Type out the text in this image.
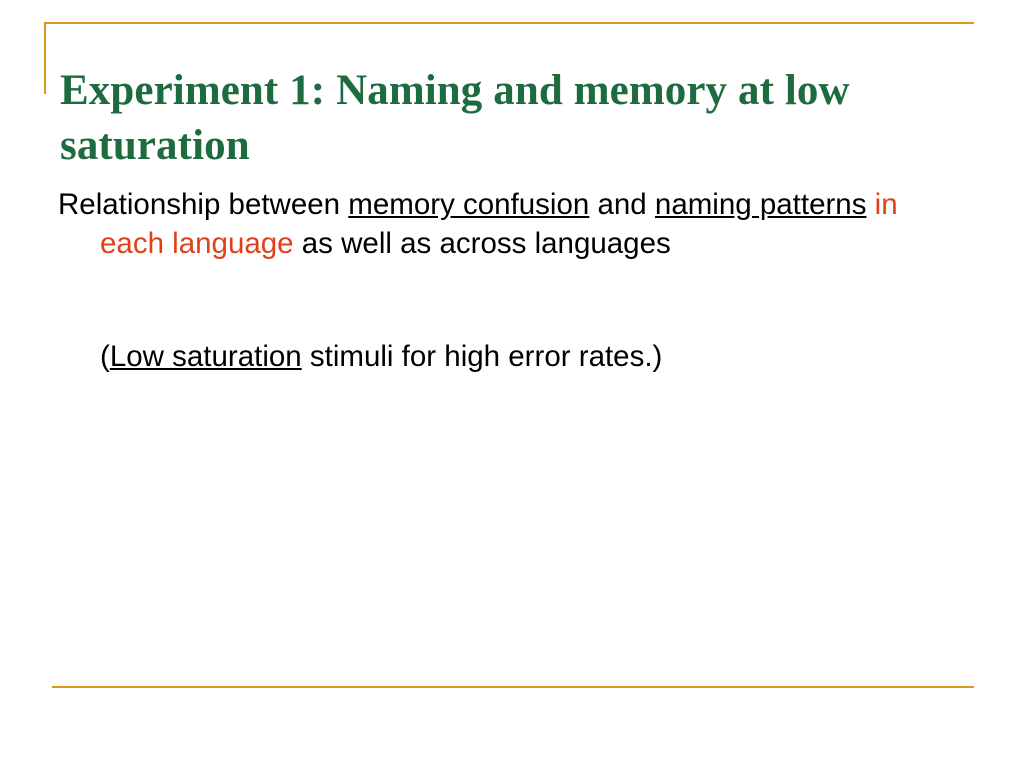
Experiment 1: Naming and memory at low saturation

Relationship between memory confusion and naming patterns in each language as well as across languages

(Low saturation stimuli for high error rates.)
